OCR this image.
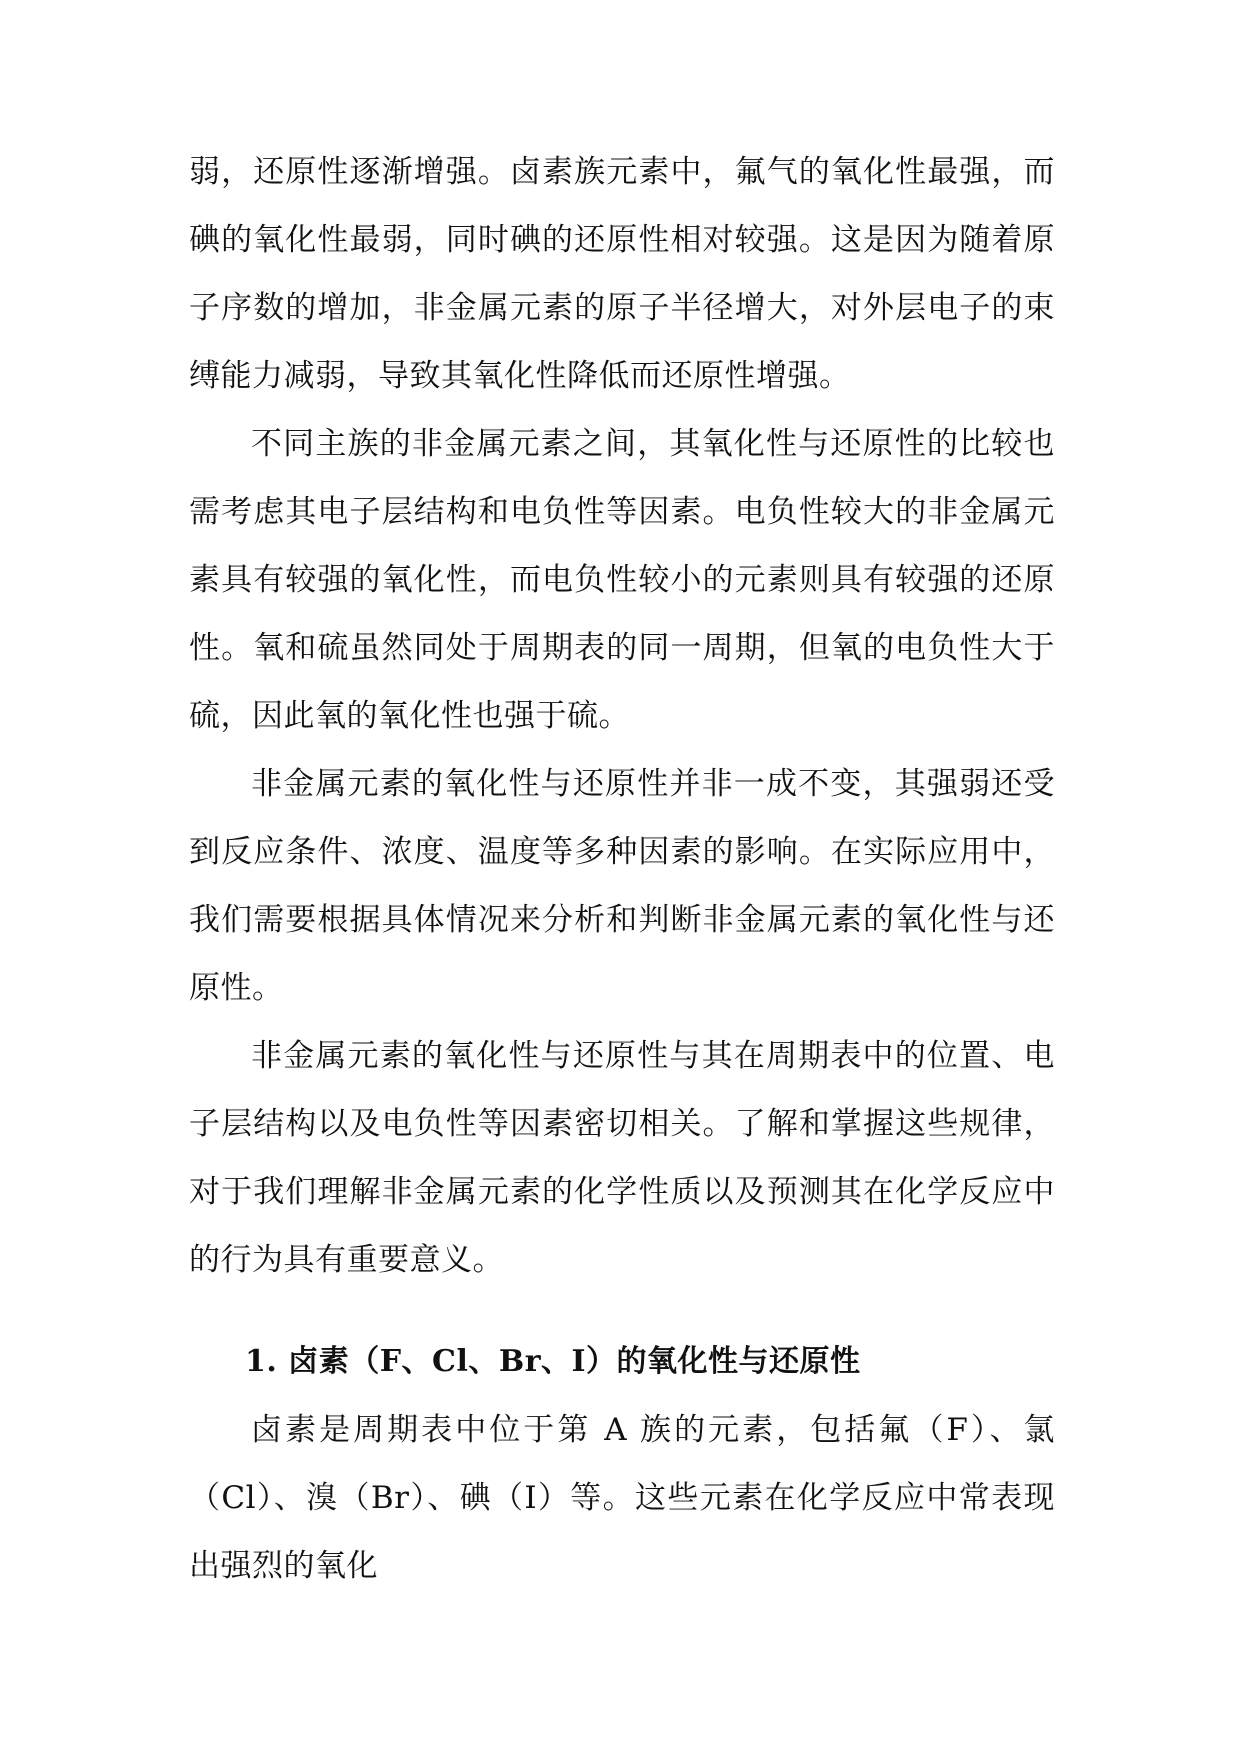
弱，还原性逐渐增强。卤素族元素中，氟气的氧化性最强，而碘的氧化性最弱，同时碘的还原性相对较强。这是因为随着原子序数的增加，非金属元素的原子半径增大，对外层电子的束缚能力减弱，导致其氧化性降低而还原性增强。

不同主族的非金属元素之间，其氧化性与还原性的比较也需考虑其电子层结构和电负性等因素。电负性较大的非金属元素具有较强的氧化性，而电负性较小的元素则具有较强的还原性。氧和硫虽然同处于周期表的同一周期，但氧的电负性大于硫，因此氧的氧化性也强于硫。

非金属元素的氧化性与还原性并非一成不变，其强弱还受到反应条件、浓度、温度等多种因素的影响。在实际应用中，我们需要根据具体情况来分析和判断非金属元素的氧化性与还原性。

非金属元素的氧化性与还原性与其在周期表中的位置、电子层结构以及电负性等因素密切相关。了解和掌握这些规律，对于我们理解非金属元素的化学性质以及预测其在化学反应中的行为具有重要意义。

1. 卤素（F、Cl、Br、I）的氧化性与还原性

卤素是周期表中位于第 A 族的元素，包括氟（F）、氯（Cl）、溴（Br）、碘（I）等。这些元素在化学反应中常表现出强烈的氧化
